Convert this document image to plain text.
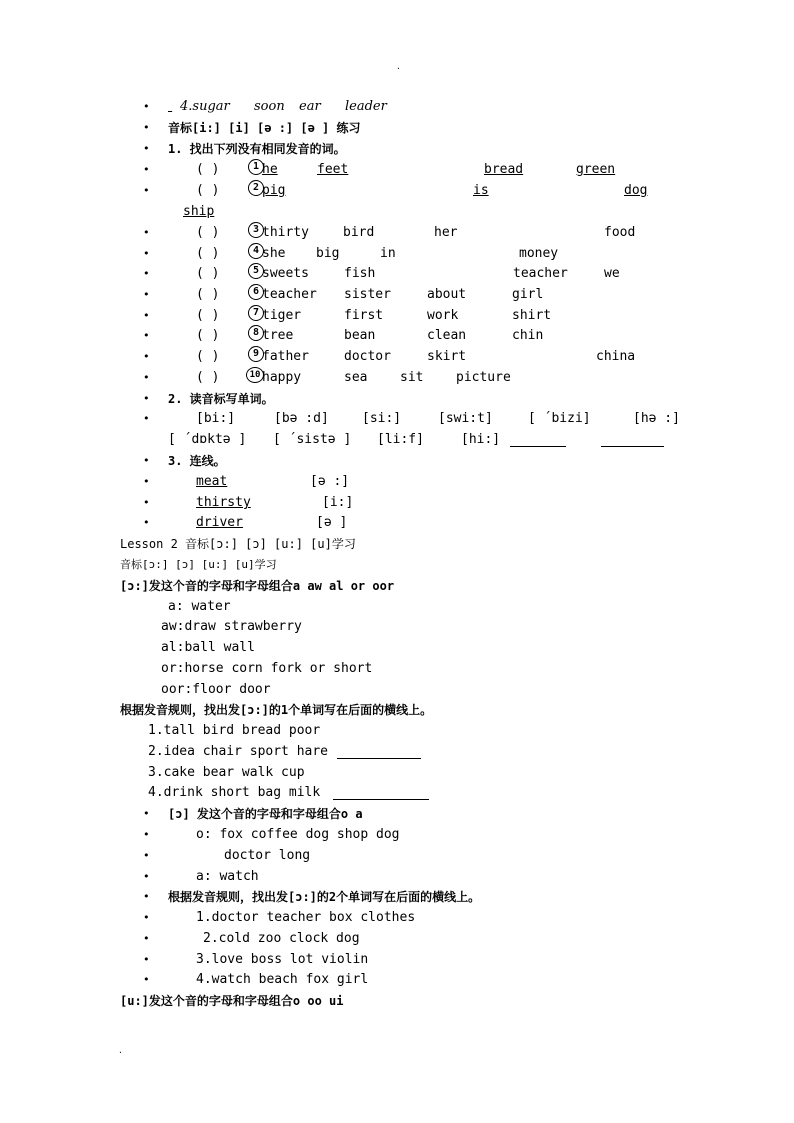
.
• 4.sugar soon ear leader

• 音标[i:] [i] [ə :] [ə ] 练习
• 1. 找出下列没有相同发音的词。
•	( )	1 he	feet	bread	green
•	( )	2 pig	is	dog
ship
•	( )	3 thirty	bird	her	food
•	( )	4 she big	in	money
•	( )	5 sweets	fish	teacher	we
•	( )	6 teacher sister	about	girl
•	( )	7 tiger	first	work	shirt
•	( )	8 tree	bean	clean	chin
•	( )	9 father	doctor	skirt	china
•	( )	10 happy	sea	sit	picture
• 2. 读音标写单词。
•	[bi:]	[bə :d]	[si:]	[swi:t]	[ ´bizi]	[hə :]
[ ´dɒktə ] [ ´sistə ] [li:f]	[hi:]
• 3. 连线。
•	meat	[ə :]
•	thirsty	[i:]
•	driver	[ə ]
Lesson 2 音标[ɔ:] [ɔ] [u:] [u]学习
音标[ɔ:] [ɔ] [u:] [u]学习
[ɔ:]发这个音的字母和字母组合a aw al or oor
a: water
aw:draw strawberry
al:ball wall
or:horse corn fork or short
oor:floor door
根据发音规则，找出发[ɔ:]的1个单词写在后面的横线上。
1.tall bird bread poor
2.idea chair sport hare
3.cake bear walk cup
4.drink short bag milk
• [ɔ] 发这个音的字母和字母组合o a
•	o: fox coffee dog shop dog
•	doctor long
•	a: watch
• 根据发音规则，找出发[ɔ:]的2个单词写在后面的横线上。
•	1.doctor teacher box clothes
•	2.cold zoo clock dog
•	3.love boss lot violin
•	4.watch beach fox girl
[u:]发这个音的字母和字母组合o oo ui
.
